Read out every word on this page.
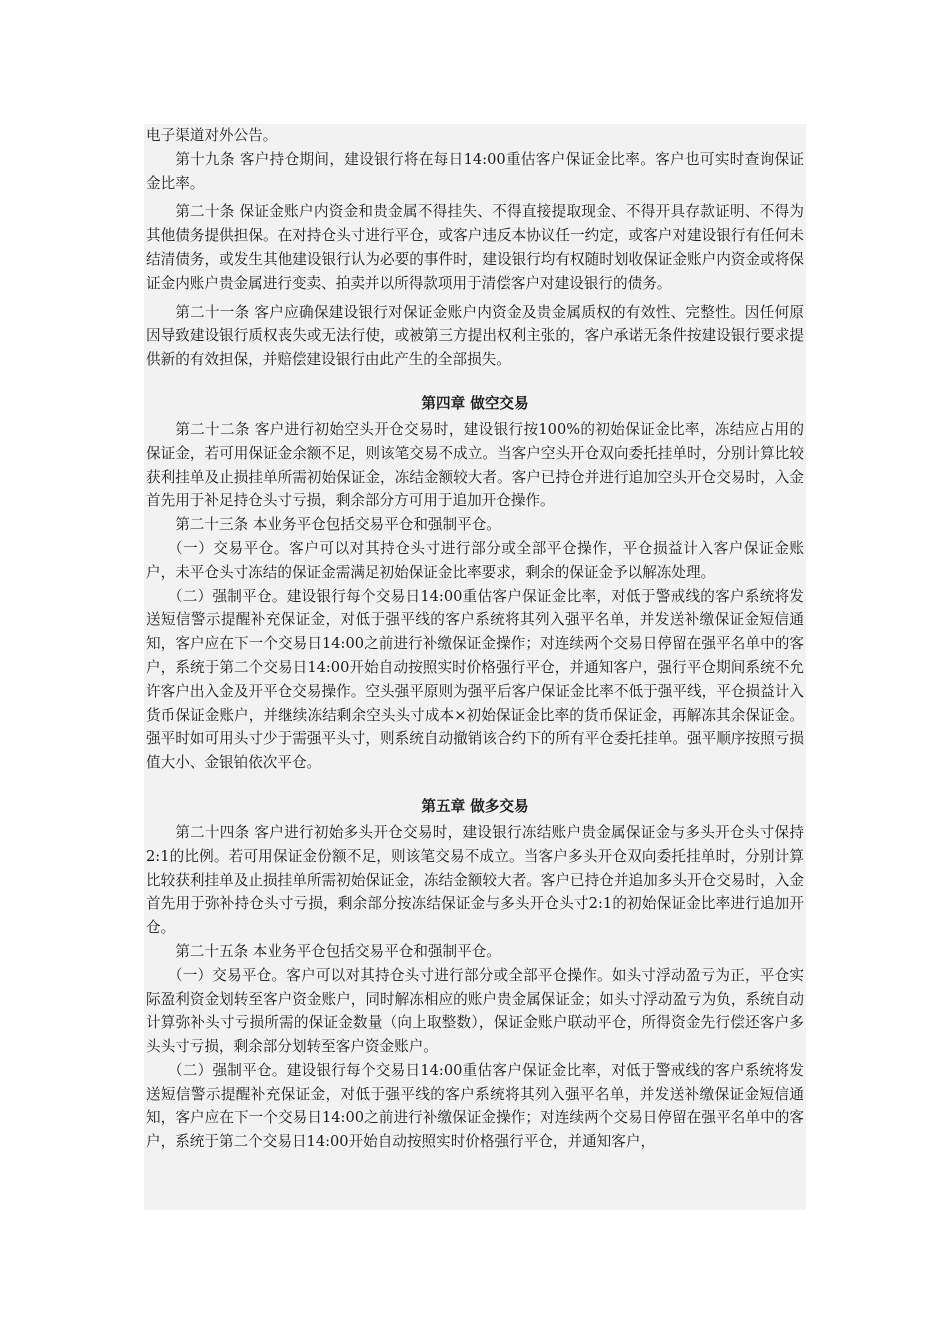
电子渠道对外公告。

第十九条 客户持仓期间，建设银行将在每日14:00重估客户保证金比率。客户也可实时查询保证金比率。

第二十条 保证金账户内资金和贵金属不得挂失、不得直接提取现金、不得开具存款证明、不得为其他债务提供担保。在对持仓头寸进行平仓，或客户违反本协议任一约定，或客户对建设银行有任何未结清债务，或发生其他建设银行认为必要的事件时，建设银行均有权随时划收保证金账户内资金或将保证金内账户贵金属进行变卖、拍卖并以所得款项用于清偿客户对建设银行的债务。

第二十一条 客户应确保建设银行对保证金账户内资金及贵金属质权的有效性、完整性。因任何原因导致建设银行质权丧失或无法行使，或被第三方提出权利主张的，客户承诺无条件按建设银行要求提供新的有效担保，并赔偿建设银行由此产生的全部损失。

第四章 做空交易

第二十二条 客户进行初始空头开仓交易时，建设银行按100%的初始保证金比率，冻结应占用的保证金，若可用保证金余额不足，则该笔交易不成立。当客户空头开仓双向委托挂单时，分别计算比较获利挂单及止损挂单所需初始保证金，冻结金额较大者。客户已持仓并进行追加空头开仓交易时，入金首先用于补足持仓头寸亏损，剩余部分方可用于追加开仓操作。

第二十三条 本业务平仓包括交易平仓和强制平仓。

（一）交易平仓。客户可以对其持仓头寸进行部分或全部平仓操作，平仓损益计入客户保证金账户，未平仓头寸冻结的保证金需满足初始保证金比率要求，剩余的保证金予以解冻处理。

（二）强制平仓。建设银行每个交易日14:00重估客户保证金比率，对低于警戒线的客户系统将发送短信警示提醒补充保证金，对低于强平线的客户系统将其列入强平名单，并发送补缴保证金短信通知，客户应在下一个交易日14:00之前进行补缴保证金操作；对连续两个交易日停留在强平名单中的客户，系统于第二个交易日14:00开始自动按照实时价格强行平仓，并通知客户，强行平仓期间系统不允许客户出入金及开平仓交易操作。空头强平原则为强平后客户保证金比率不低于强平线，平仓损益计入货币保证金账户，并继续冻结剩余空头头寸成本×初始保证金比率的货币保证金，再解冻其余保证金。强平时如可用头寸少于需强平头寸，则系统自动撤销该合约下的所有平仓委托挂单。强平顺序按照亏损值大小、金银铂依次平仓。

第五章 做多交易

第二十四条 客户进行初始多头开仓交易时，建设银行冻结账户贵金属保证金与多头开仓头寸保持2:1的比例。若可用保证金份额不足，则该笔交易不成立。当客户多头开仓双向委托挂单时，分别计算比较获利挂单及止损挂单所需初始保证金，冻结金额较大者。客户已持仓并追加多头开仓交易时，入金首先用于弥补持仓头寸亏损，剩余部分按冻结保证金与多头开仓头寸2:1的初始保证金比率进行追加开仓。

第二十五条 本业务平仓包括交易平仓和强制平仓。

（一）交易平仓。客户可以对其持仓头寸进行部分或全部平仓操作。如头寸浮动盈亏为正，平仓实际盈利资金划转至客户资金账户，同时解冻相应的账户贵金属保证金；如头寸浮动盈亏为负，系统自动计算弥补头寸亏损所需的保证金数量（向上取整数），保证金账户联动平仓，所得资金先行偿还客户多头头寸亏损，剩余部分划转至客户资金账户。

（二）强制平仓。建设银行每个交易日14:00重估客户保证金比率，对低于警戒线的客户系统将发送短信警示提醒补充保证金，对低于强平线的客户系统将其列入强平名单，并发送补缴保证金短信通知，客户应在下一个交易日14:00之前进行补缴保证金操作；对连续两个交易日停留在强平名单中的客户，系统于第二个交易日14:00开始自动按照实时价格强行平仓，并通知客户，
